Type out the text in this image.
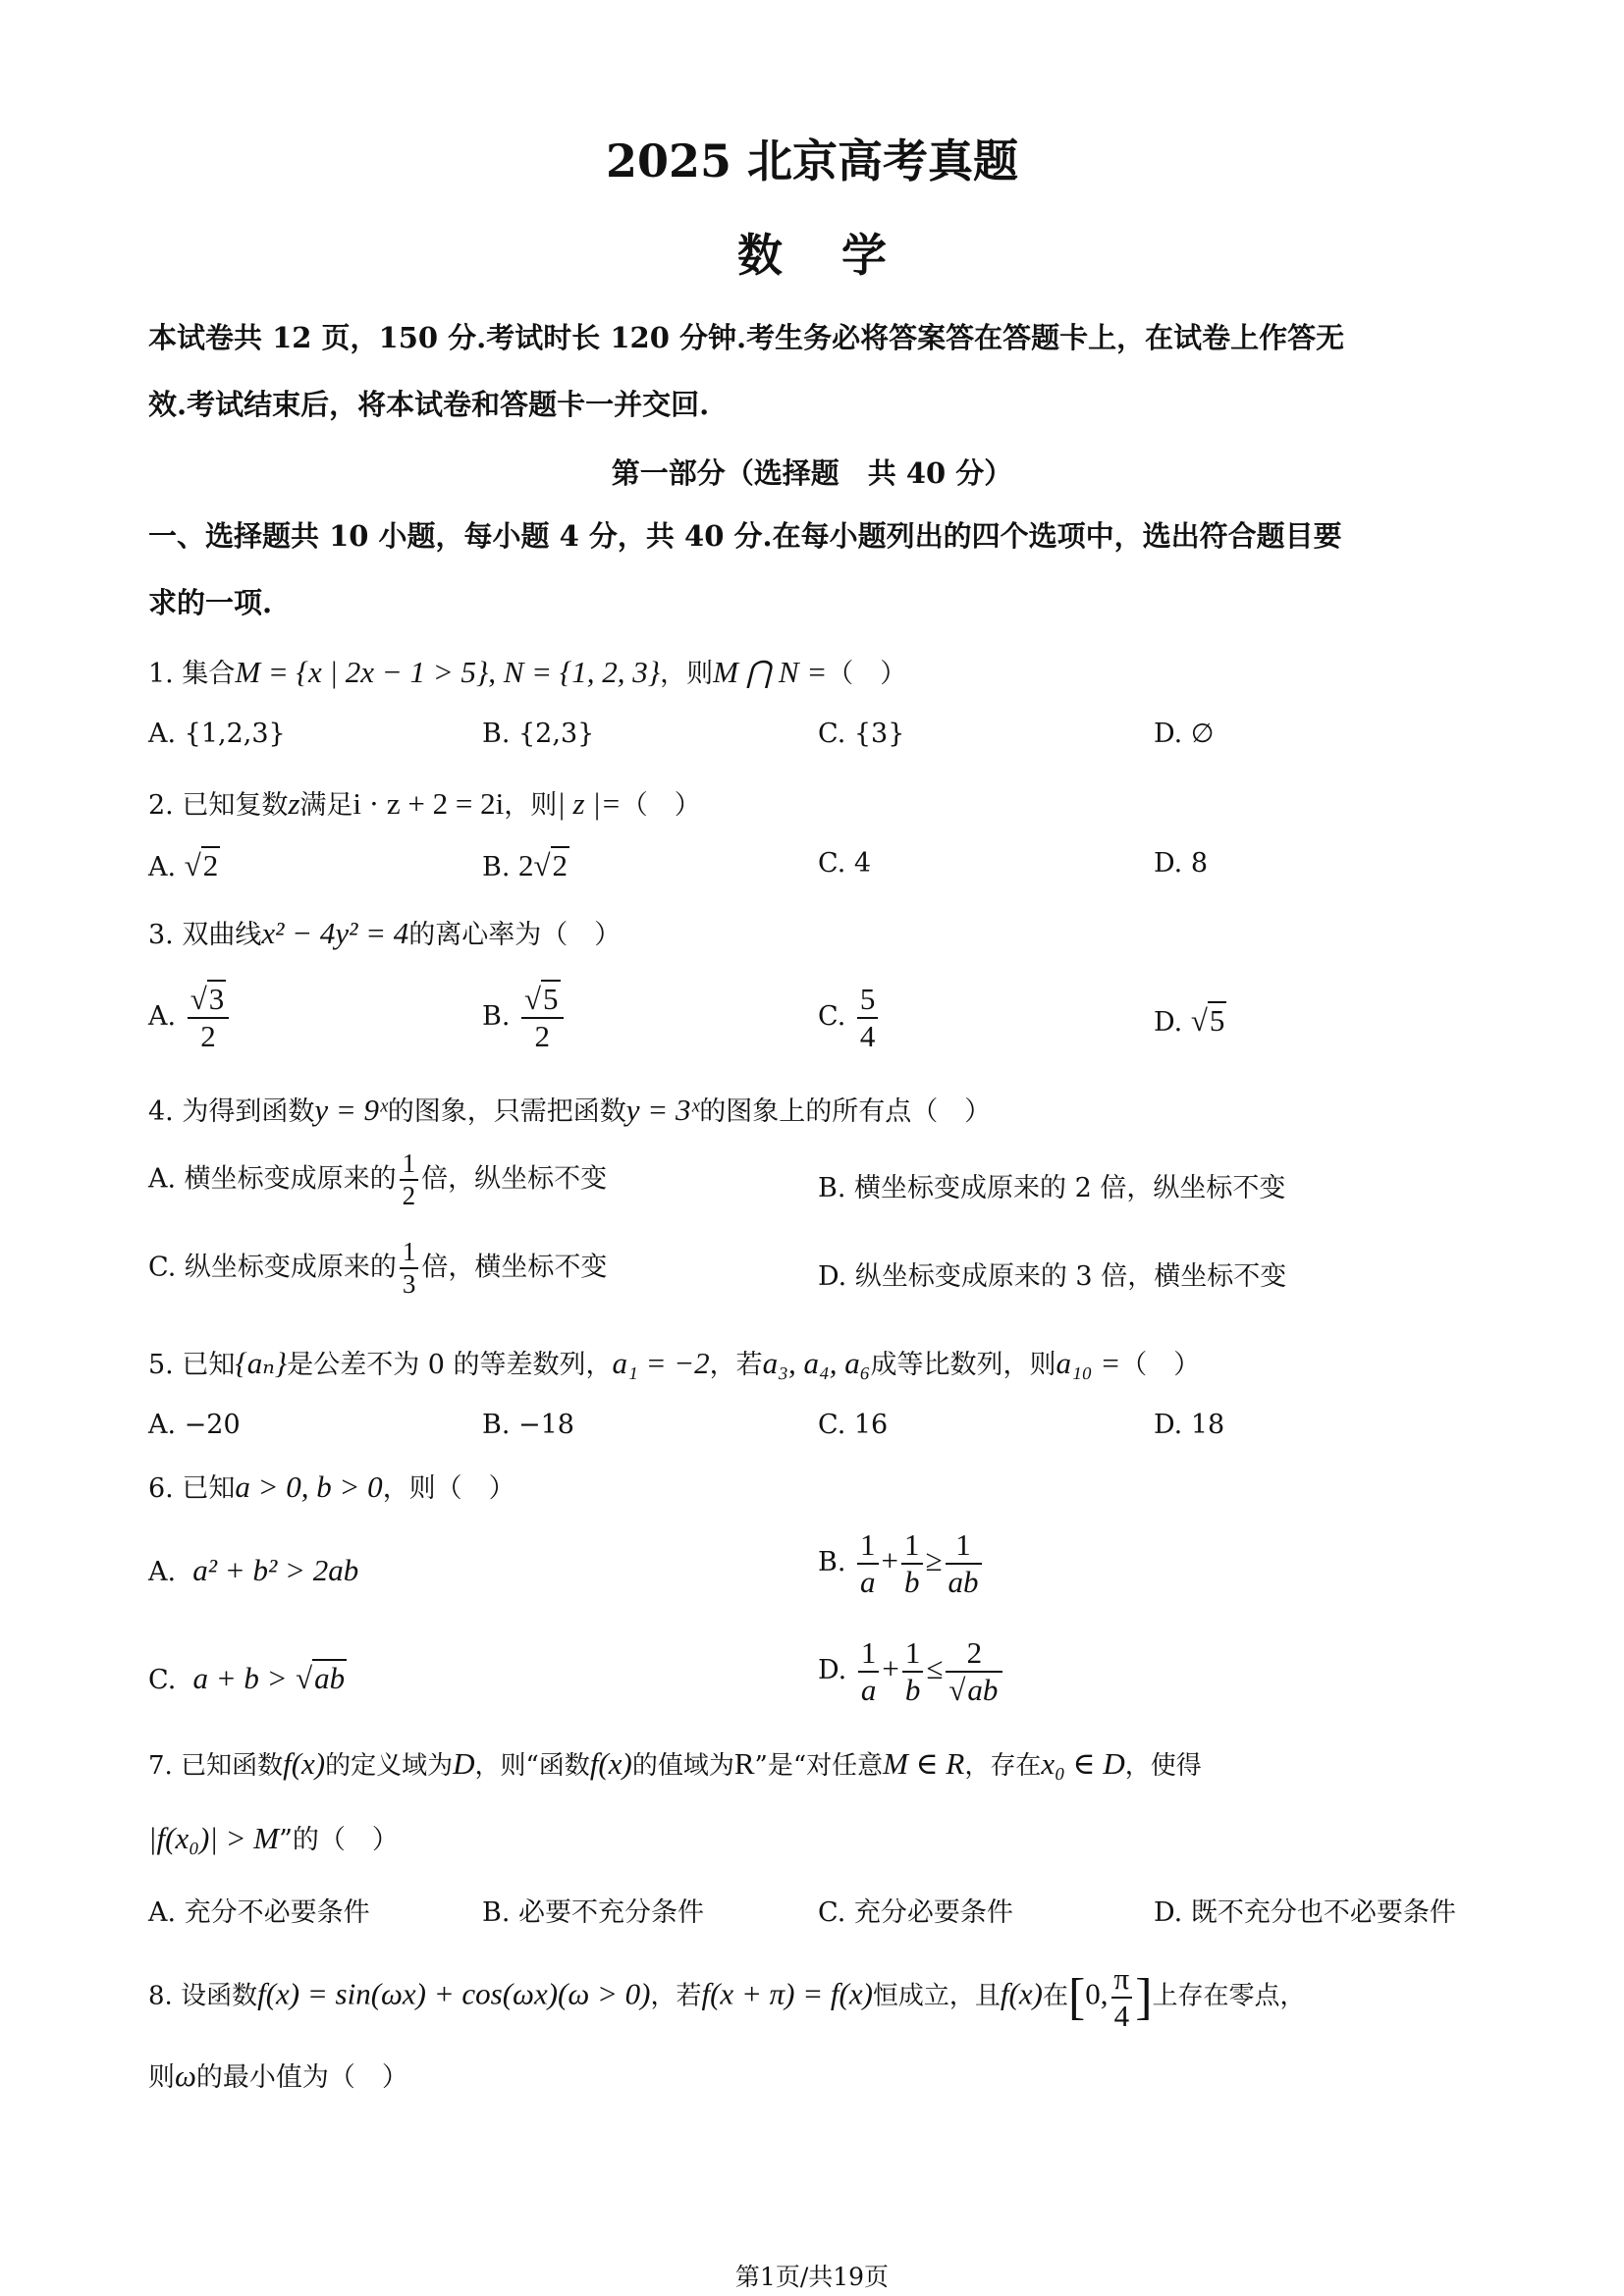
2025 北京高考真题
数学
本试卷共 12 页，150 分.考试时长 120 分钟.考生务必将答案答在答题卡上，在试卷上作答无
效.考试结束后，将本试卷和答题卡一并交回.
第一部分（选择题　共 40 分）
一、选择题共 10 小题，每小题 4 分，共 40 分.在每小题列出的四个选项中，选出符合题目要
求的一项.
1. 集合M = {x | 2x − 1 > 5}, N = {1, 2, 3}，则M ⋂ N =（　）
A. {1,2,3}	B. {2,3}	C. {3}	D. ∅
2. 已知复数z满足i · z + 2 = 2i，则| z |=（　）
A. √2	B. 2√2	C. 4	D. 8
3. 双曲线x² − 4y² = 4的离心率为（　）
A. $\frac{√3}{2}$	B. $\frac{√5}{2}$	C. $\frac{5}{4}$	D. √5
4. 为得到函数y = 9ˣ的图象，只需把函数y = 3ˣ的图象上的所有点（　）
A. 横坐标变成原来的 $\frac{1}{2}$ 倍，纵坐标不变	B. 横坐标变成原来的 2 倍，纵坐标不变
C. 纵坐标变成原来的 $\frac{1}{3}$ 倍，横坐标不变	D. 纵坐标变成原来的 3 倍，横坐标不变
5. 已知{aₙ}是公差不为 0 的等差数列，a₁ = −2，若a₃, a₄, a₆成等比数列，则a₁₀ =（　）
A. −20	B. −18	C. 16	D. 18
6. 已知a > 0, b > 0，则（　）
A. a² + b² > 2ab	B. $\frac{1}{a} + \frac{1}{b} \ge \frac{1}{ab}$
C. a + b > √ab	D. $\frac{1}{a} + \frac{1}{b} \le \frac{2}{√ab}$
7. 已知函数f(x)的定义域为D，则“函数f(x)的值域为R”是“对任意M ∈ R，存在x₀ ∈ D，使得
|f(x₀)| > M”的（　）
A. 充分不必要条件	B. 必要不充分条件	C. 充分必要条件	D. 既不充分也不必要条件
8. 设函数f(x) = sin(ωx) + cos(ωx)(ω > 0)，若f(x + π) = f(x)恒成立，且f(x)在[0, $\frac{\pi}{4}$ ]上存在零点，
则ω的最小值为（　）
第1页/共19页
